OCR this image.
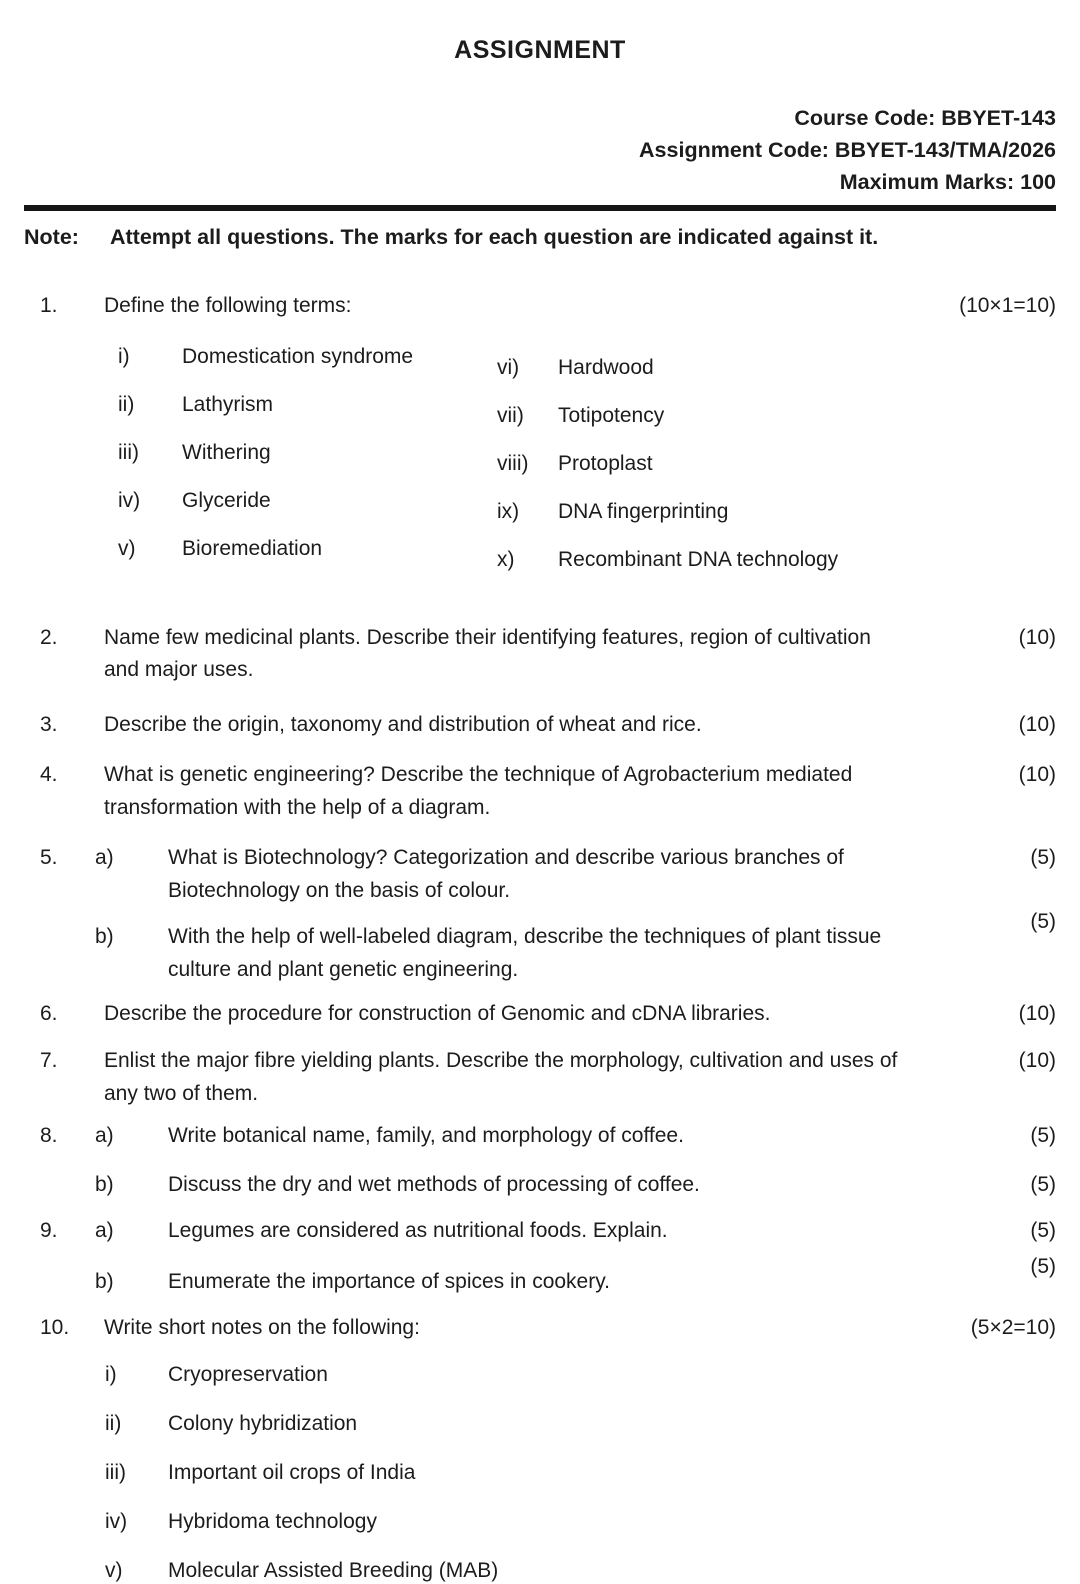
ASSIGNMENT
Course Code: BBYET-143
Assignment Code: BBYET-143/TMA/2026
Maximum Marks: 100
Note:	Attempt all questions. The marks for each question are indicated against it.
1.	Define the following terms:	(10×1=10)
i)	Domestication syndrome
ii)	Lathyrism
iii)	Withering
iv)	Glyceride
v)	Bioremediation
vi)	Hardwood
vii)	Totipotency
viii)	Protoplast
ix)	DNA fingerprinting
x)	Recombinant DNA technology
2.	Name few medicinal plants. Describe their identifying features, region of cultivation and major uses.
(10)
3.	Describe the origin, taxonomy and distribution of wheat and rice.	(10)
4.	What is genetic engineering? Describe the technique of Agrobacterium mediated transformation with the help of a diagram.
(10)
5.	a)	What is Biotechnology? Categorization and describe various branches of Biotechnology on the basis of colour.
(5)
b)	With the help of well-labeled diagram, describe the techniques of plant tissue culture and plant genetic engineering.
(5)
6.	Describe the procedure for construction of Genomic and cDNA libraries.	(10)
7.	Enlist the major fibre yielding plants. Describe the morphology, cultivation and uses of any two of them.
(10)
8.	a)	Write botanical name, family, and morphology of coffee.	(5)
b)	Discuss the dry and wet methods of processing of coffee.	(5)
9.	a)	Legumes are considered as nutritional foods. Explain.	(5)
b)	Enumerate the importance of spices in cookery.
(5)
10.	Write short notes on the following:	(5×2=10)
i)	Cryopreservation
ii)	Colony hybridization
iii)	Important oil crops of India
iv)	Hybridoma technology
v)	Molecular Assisted Breeding (MAB)
